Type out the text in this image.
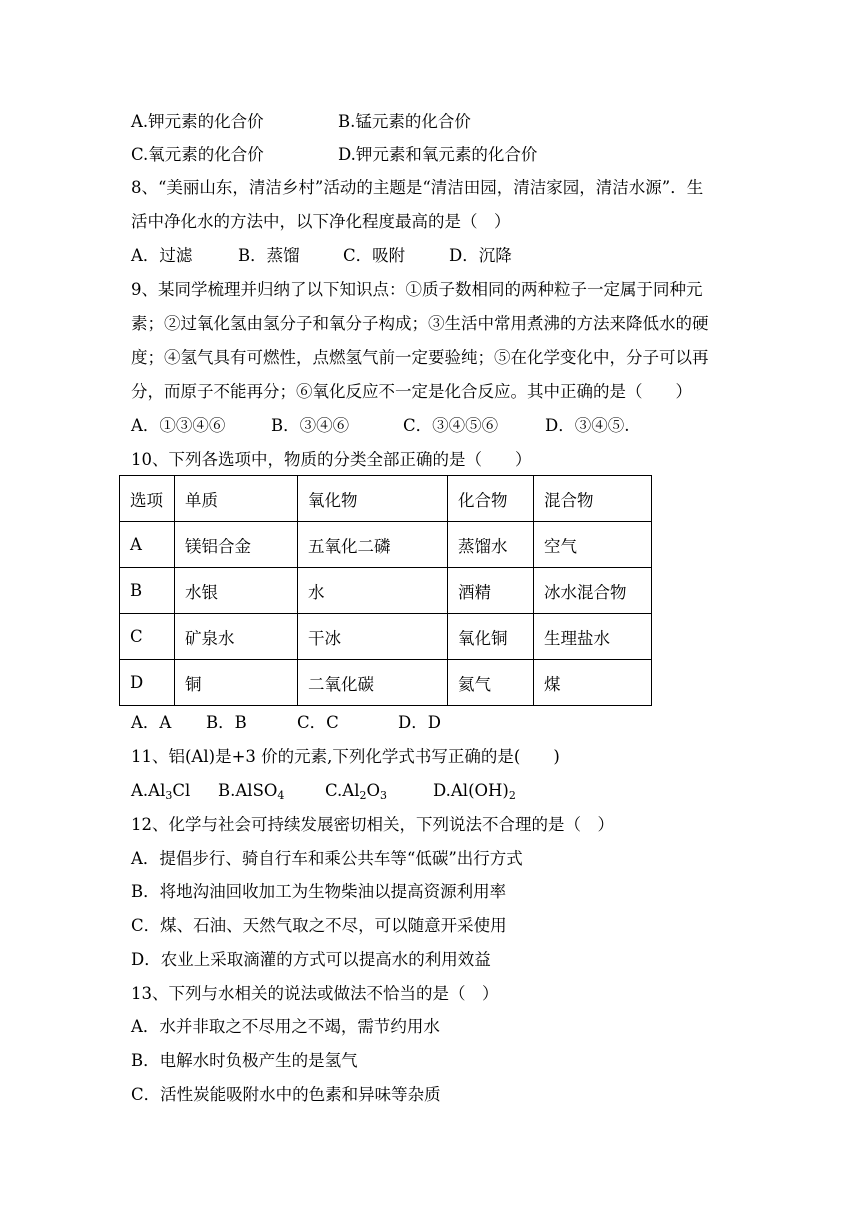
A.钾元素的化合价	B.锰元素的化合价
C.氧元素的化合价	D.钾元素和氧元素的化合价
8、“美丽山东，清洁乡村”活动的主题是“清洁田园，清洁家园，清洁水源”．生
活中净化水的方法中，以下净化程度最高的是（　）
A．过滤	B．蒸馏	C．吸附	D．沉降
9、某同学梳理并归纳了以下知识点：①质子数相同的两种粒子一定属于同种元
素；②过氧化氢由氢分子和氧分子构成；③生活中常用煮沸的方法来降低水的硬
度；④氢气具有可燃性，点燃氢气前一定要验纯；⑤在化学变化中，分子可以再
分，而原子不能再分；⑥氧化反应不一定是化合反应。其中正确的是（　　）
A．①③④⑥	B．③④⑥	C．③④⑤⑥	D．③④⑤.
10、下列各选项中，物质的分类全部正确的是（　　）
选项	单质	氧化物	化合物	混合物
A	镁铝合金	五氧化二磷	蒸馏水	空气
B	水银	水	酒精	冰水混合物
C	矿泉水	干冰	氧化铜	生理盐水
D	铜	二氧化碳	氦气	煤
A．A B．B	C．C	D．D
11、铝(Al)是+3 价的元素,下列化学式书写正确的是(　　)
$A.Al_3Cl$ B.AlSO$_4$ $C.Al_2O_3$	$D.Al(OH)_2$
12、化学与社会可持续发展密切相关，下列说法不合理的是（　）
A．提倡步行、骑自行车和乘公共车等“低碳”出行方式
B．将地沟油回收加工为生物柴油以提高资源利用率
C．煤、石油、天然气取之不尽，可以随意开采使用
D．农业上采取滴灌的方式可以提高水的利用效益
13、下列与水相关的说法或做法不恰当的是（　）
A．水并非取之不尽用之不竭，需节约用水
B．电解水时负极产生的是氢气
C．活性炭能吸附水中的色素和异味等杂质
